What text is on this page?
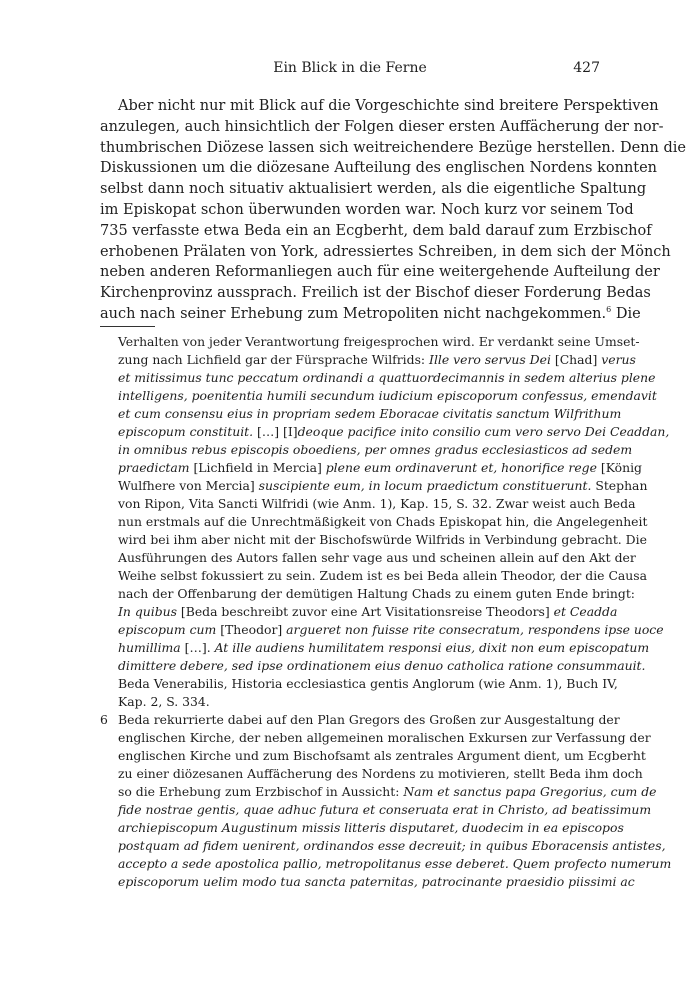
Ein Blick in die Ferne	427
Aber nicht nur mit Blick auf die Vorgeschichte sind breitere Perspektiven
anzulegen, auch hinsichtlich der Folgen dieser ersten Auffächerung der nor-
thumbrischen Diözese lassen sich weitreichendere Bezüge herstellen. Denn die
Diskussionen um die diözesane Aufteilung des englischen Nordens konnten
selbst dann noch situativ aktualisiert werden, als die eigentliche Spaltung
im Episkopat schon überwunden worden war. Noch kurz vor seinem Tod
735 verfasste etwa Beda ein an Ecgberht, dem bald darauf zum Erzbischof
erhobenen Prälaten von York, adressiertes Schreiben, in dem sich der Mönch
neben anderen Reformanliegen auch für eine weitergehende Aufteilung der
Kirchenprovinz aussprach. Freilich ist der Bischof dieser Forderung Bedas
auch nach seiner Erhebung zum Metropoliten nicht nachgekommen.$^6$ Die
Verhalten von jeder Verantwortung freigesprochen wird. Er verdankt seine Umset-
zung nach Lichfield gar der Fürsprache Wilfrids: Ille vero servus Dei [Chad] verus
et mitissimus tunc peccatum ordinandi a quattuordecimannis in sedem alterius plene
intelligens, poenitentia humili secundum iudicium episcoporum confessus, emendavit
et cum consensu eius in propriam sedem Eboracae civitatis sanctum Wilfrithum
episcopum constituit. […] [I]deoque pacifice inito consilio cum vero servo Dei Ceaddan,
in omnibus rebus episcopis oboediens, per omnes gradus ecclesiasticos ad sedem
praedictam [Lichfield in Mercia] plene eum ordinaverunt et, honorifice rege [König
Wulfhere von Mercia] suscipiente eum, in locum praedictum constituerunt. Stephan
von Ripon, Vita Sancti Wilfridi (wie Anm. 1), Kap. 15, S. 32. Zwar weist auch Beda
nun erstmals auf die Unrechtmäßigkeit von Chads Episkopat hin, die Angelegenheit
wird bei ihm aber nicht mit der Bischofswürde Wilfrids in Verbindung gebracht. Die
Ausführungen des Autors fallen sehr vage aus und scheinen allein auf den Akt der
Weihe selbst fokussiert zu sein. Zudem ist es bei Beda allein Theodor, der die Causa
nach der Offenbarung der demütigen Haltung Chads zu einem guten Ende bringt:
In quibus [Beda beschreibt zuvor eine Art Visitationsreise Theodors] et Ceadda
episcopum cum [Theodor] argueret non fuisse rite consecratum, respondens ipse uoce
humillima […]. At ille audiens humilitatem responsi eius, dixit non eum episcopatum
dimittere debere, sed ipse ordinationem eius denuo catholica ratione consummauit.
Beda Venerabilis, Historia ecclesiastica gentis Anglorum (wie Anm. 1), Buch IV,
Kap. 2, S. 334.
6 Beda rekurrierte dabei auf den Plan Gregors des Großen zur Ausgestaltung der
englischen Kirche, der neben allgemeinen moralischen Exkursen zur Verfassung der
englischen Kirche und zum Bischofsamt als zentrales Argument dient, um Ecgberht
zu einer diözesanen Auffächerung des Nordens zu motivieren, stellt Beda ihm doch
so die Erhebung zum Erzbischof in Aussicht: Nam et sanctus papa Gregorius, cum de
fide nostrae gentis, quae adhuc futura et conseruata erat in Christo, ad beatissimum
archiepiscopum Augustinum missis litteris disputaret, duodecim in ea episcopos
postquam ad fidem uenirent, ordinandos esse decreuit; in quibus Eboracensis antistes,
accepto a sede apostolica pallio, metropolitanus esse deberet. Quem profecto numerum
episcoporum uelim modo tua sancta paternitas, patrocinante praesidio piissimi ac
